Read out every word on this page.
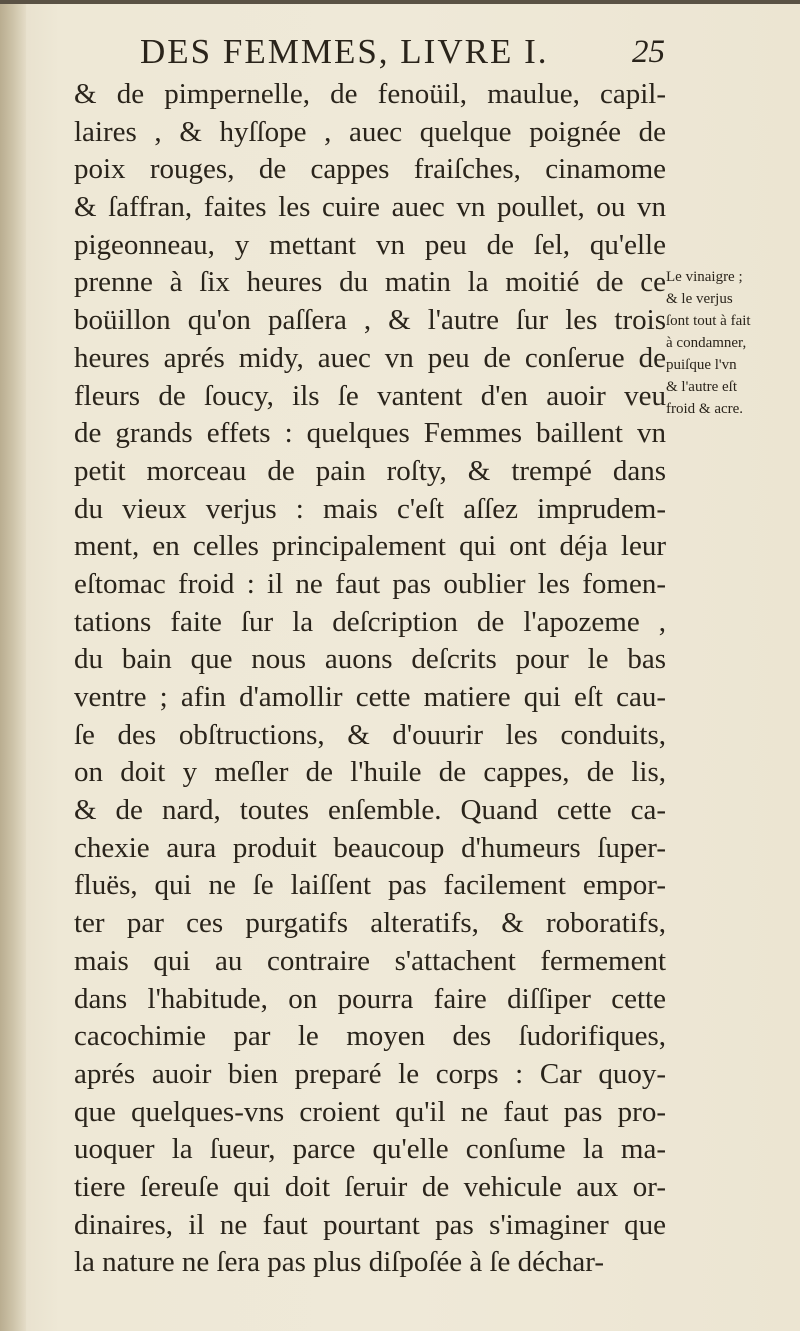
DES FEMMES, LIVRE I.	25
& de pimpernelle, de fenoüil, maulue, capil-
laires , & hyſſope , auec quelque poignée de
poix rouges, de cappes fraiſches, cinamome
& ſaffran, faites les cuire auec vn poullet, ou vn
pigeonneau, y mettant vn peu de ſel, qu'elle
prenne à ſix heures du matin la moitié de ce
boüillon qu'on paſſera , & l'autre ſur les trois
heures aprés midy, auec vn peu de conſerue de
fleurs de ſoucy, ils ſe vantent d'en auoir veu
de grands effets : quelques Femmes baillent vn
petit morceau de pain roſty, & trempé dans
du vieux verjus : mais c'eſt aſſez imprudem-
ment, en celles principalement qui ont déja leur
eſtomac froid : il ne faut pas oublier les fomen-
tations faite ſur la deſcription de l'apozeme ,
du bain que nous auons deſcrits pour le bas
ventre ; afin d'amollir cette matiere qui eſt cau-
ſe des obſtructions, & d'ouurir les conduits,
on doit y meſler de l'huile de cappes, de lis,
& de nard, toutes enſemble. Quand cette ca-
chexie aura produit beaucoup d'humeurs ſuper-
fluës, qui ne ſe laiſſent pas facilement empor-
ter par ces purgatifs alteratifs, & roboratifs,
mais qui au contraire s'attachent fermement
dans l'habitude, on pourra faire diſſiper cette
cacochimie par le moyen des ſudorifiques,
aprés auoir bien preparé le corps : Car quoy-
que quelques-vns croient qu'il ne faut pas pro-
uoquer la ſueur, parce qu'elle conſume la ma-
tiere ſereuſe qui doit ſeruir de vehicule aux or-
dinaires, il ne faut pourtant pas s'imaginer que
la nature ne ſera pas plus diſpoſée à ſe déchar-
Le vinaigre ;
& le verjus
ſont tout à fait
à condamner,
puiſque l'vn
& l'autre eſt
froid & acre.
